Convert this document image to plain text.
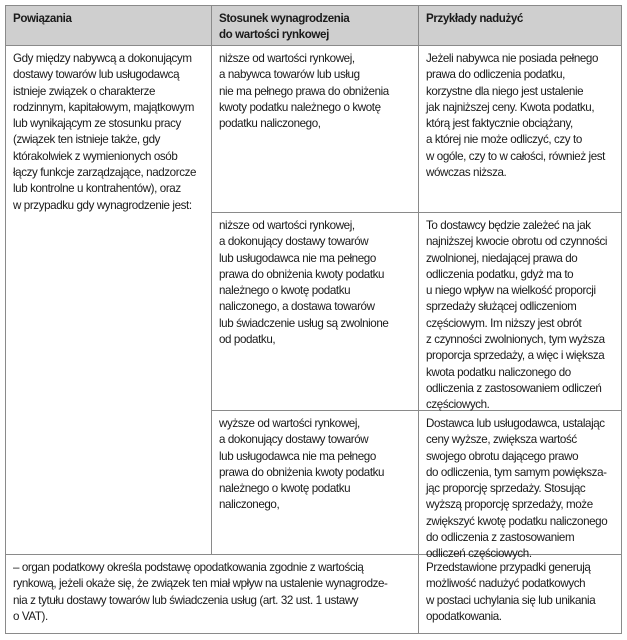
Powiązania	Stosunek wynagrodzenia
do wartości rynkowej
Przykłady nadużyć
Gdy między nabywcą a dokonującym
dostawy towarów lub usługodawcą
istnieje związek o charakterze
rodzinnym, kapitałowym, majątkowym
lub wynikającym ze stosunku pracy
(związek ten istnieje także, gdy
którakolwiek z wymienionych osób
łączy funkcje zarządzające, nadzorcze
lub kontrolne u kontrahentów), oraz
w przypadku gdy wynagrodzenie jest:
niższe od wartości rynkowej,
a nabywca towarów lub usług
nie ma pełnego prawa do obniżenia
kwoty podatku należnego o kwotę
podatku naliczonego,
Jeżeli nabywca nie posiada pełnego
prawa do odliczenia podatku,
korzystne dla niego jest ustalenie
jak najniższej ceny. Kwota podatku,
którą jest faktycznie obciążany,
a której nie może odliczyć, czy to
w ogóle, czy to w całości, również jest
wówczas niższa.
niższe od wartości rynkowej,
a dokonujący dostawy towarów
lub usługodawca nie ma pełnego
prawa do obniżenia kwoty podatku
należnego o kwotę podatku
naliczonego, a dostawa towarów
lub świadczenie usług są zwolnione
od podatku,
To dostawcy będzie zależeć na jak
najniższej kwocie obrotu od czynności
zwolnionej, niedającej prawa do
odliczenia podatku, gdyż ma to
u niego wpływ na wielkość proporcji
sprzedaży służącej odliczeniom
częściowym. Im niższy jest obrót
z czynności zwolnionych, tym wyższa
proporcja sprzedaży, a więc i większa
kwota podatku naliczonego do
odliczenia z zastosowaniem odliczeń
częściowych.
wyższe od wartości rynkowej,
a dokonujący dostawy towarów
lub usługodawca nie ma pełnego
prawa do obniżenia kwoty podatku
należnego o kwotę podatku
naliczonego,
Dostawca lub usługodawca, ustalając
ceny wyższe, zwiększa wartość
swojego obrotu dającego prawo
do odliczenia, tym samym powiększa-
jąc proporcję sprzedaży. Stosując
wyższą proporcję sprzedaży, może
zwiększyć kwotę podatku naliczonego
do odliczenia z zastosowaniem
odliczeń częściowych.
– organ podatkowy określa podstawę opodatkowania zgodnie z wartością
rynkową, jeżeli okaże się, że związek ten miał wpływ na ustalenie wynagrodze-
nia z tytułu dostawy towarów lub świadczenia usług (art. 32 ust. 1 ustawy
o VAT).
Przedstawione przypadki generują
możliwość nadużyć podatkowych
w postaci uchylania się lub unikania
opodatkowania.
